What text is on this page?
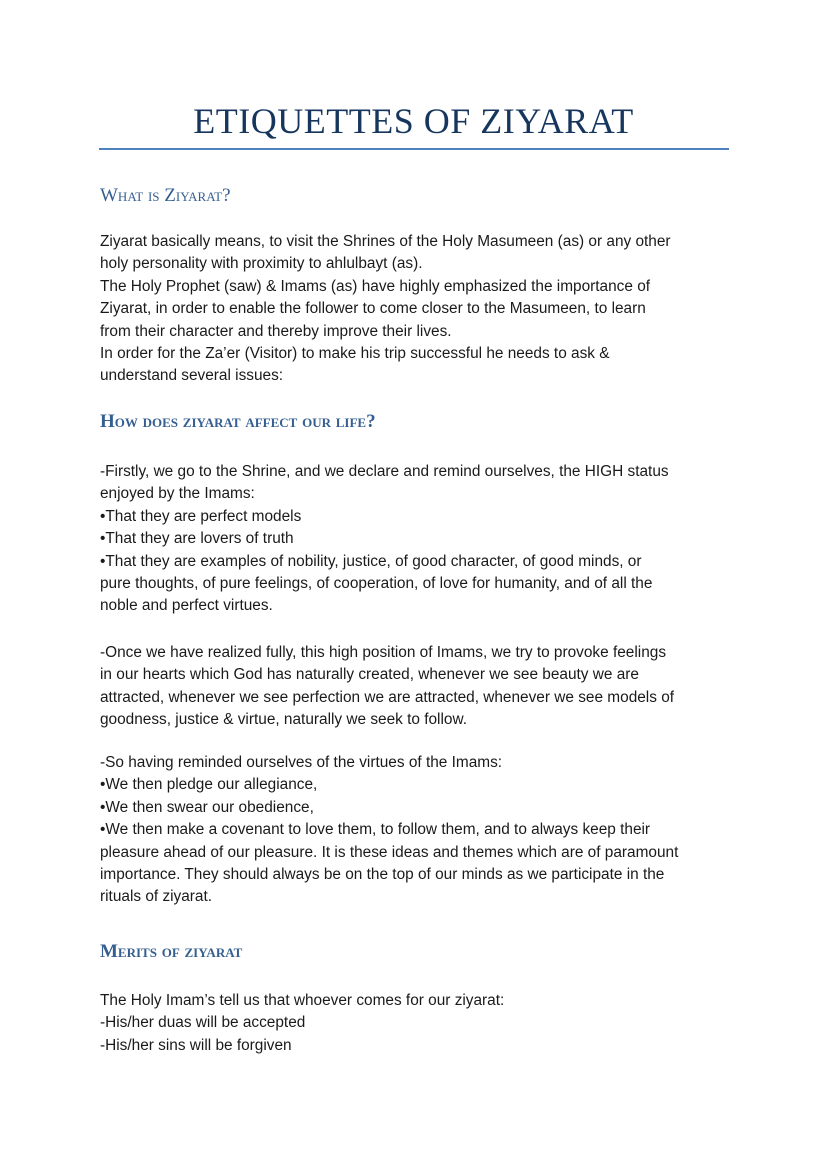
ETIQUETTES OF ZIYARAT
What is Ziyarat?
Ziyarat basically means, to visit the Shrines of the Holy Masumeen (as) or any other
holy personality with proximity to ahlulbayt (as).
The Holy Prophet (saw) & Imams (as) have highly emphasized the importance of
Ziyarat, in order to enable the follower to come closer to the Masumeen, to learn
from their character and thereby improve their lives.
In order for the Za’er (Visitor) to make his trip successful he needs to ask &
understand several issues:
How does ziyarat affect our life?
-Firstly, we go to the Shrine, and we declare and remind ourselves, the HIGH status
enjoyed by the Imams:
•That they are perfect models
•That they are lovers of truth
•That they are examples of nobility, justice, of good character, of good minds, or
pure thoughts, of pure feelings, of cooperation, of love for humanity, and of all the
noble and perfect virtues.
-Once we have realized fully, this high position of Imams, we try to provoke feelings
in our hearts which God has naturally created, whenever we see beauty we are
attracted, whenever we see perfection we are attracted, whenever we see models of
goodness, justice & virtue, naturally we seek to follow.
-So having reminded ourselves of the virtues of the Imams:
•We then pledge our allegiance,
•We then swear our obedience,
•We then make a covenant to love them, to follow them, and to always keep their
pleasure ahead of our pleasure. It is these ideas and themes which are of paramount
importance. They should always be on the top of our minds as we participate in the
rituals of ziyarat.
Merits of ziyarat
The Holy Imam’s tell us that whoever comes for our ziyarat:
-His/her duas will be accepted
-His/her sins will be forgiven
